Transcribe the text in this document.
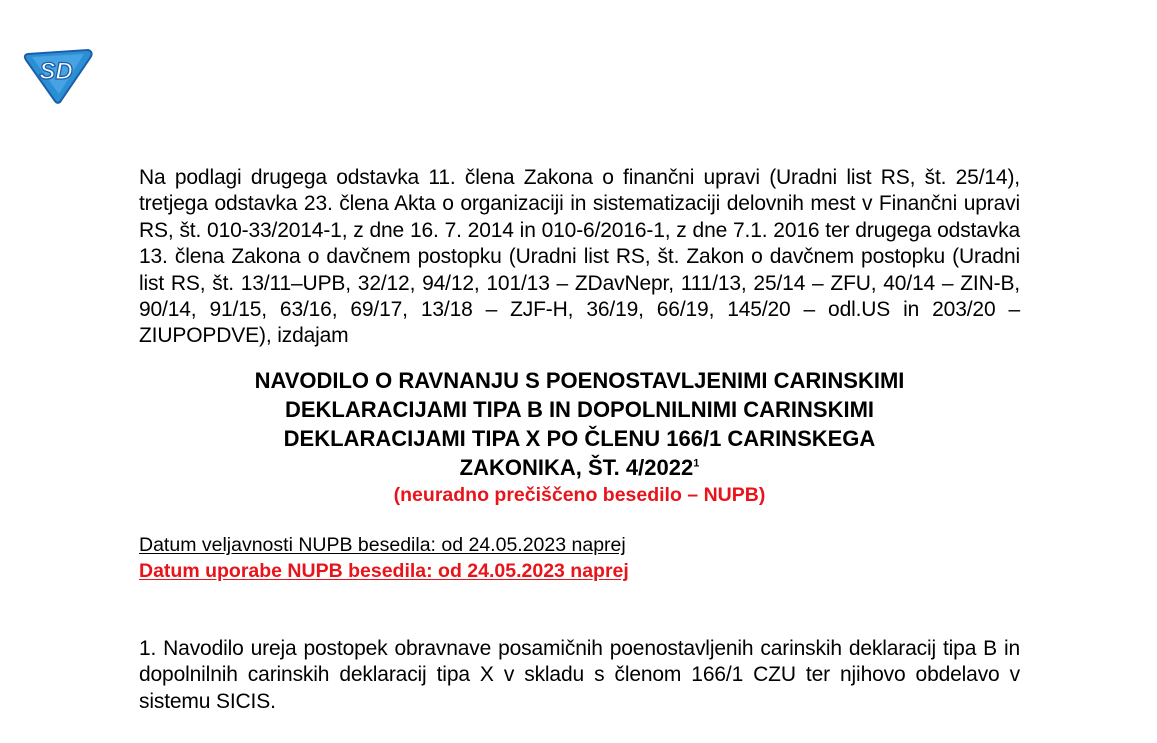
SD

Na podlagi drugega odstavka 11. člena Zakona o finančni upravi (Uradni list RS, št. 25/14), tretjega odstavka 23. člena Akta o organizaciji in sistematizaciji delovnih mest v Finančni upravi RS, št. 010-33/2014-1, z dne 16. 7. 2014 in 010-6/2016-1, z dne 7.1. 2016 ter drugega odstavka 13. člena Zakona o davčnem postopku (Uradni list RS, št. Zakon o davčnem postopku (Uradni list RS, št. 13/11–UPB, 32/12, 94/12, 101/13 – ZDavNepr, 111/13, 25/14 – ZFU, 40/14 – ZIN-B, 90/14, 91/15, 63/16, 69/17, 13/18 – ZJF-H, 36/19, 66/19, 145/20 – odl.US in 203/20 – ZIUPOPDVE), izdajam

NAVODILO O RAVNANJU S POENOSTAVLJENIMI CARINSKIMI

DEKLARACIJAMI TIPA B IN DOPOLNILNIMI CARINSKIMI

DEKLARACIJAMI TIPA X PO ČLENU 166/1 CARINSKEGA

ZAKONIKA, ŠT. 4/2022$^1$

(neuradno prečiščeno besedilo – NUPB)

Datum veljavnosti NUPB besedila: od 24.05.2023 naprej

Datum uporabe NUPB besedila: od 24.05.2023 naprej

1. Navodilo ureja postopek obravnave posamičnih poenostavljenih carinskih deklaracij tipa B in dopolnilnih carinskih deklaracij tipa X v skladu s členom 166/1 CZU ter njihovo obdelavo v sistemu SICIS.
